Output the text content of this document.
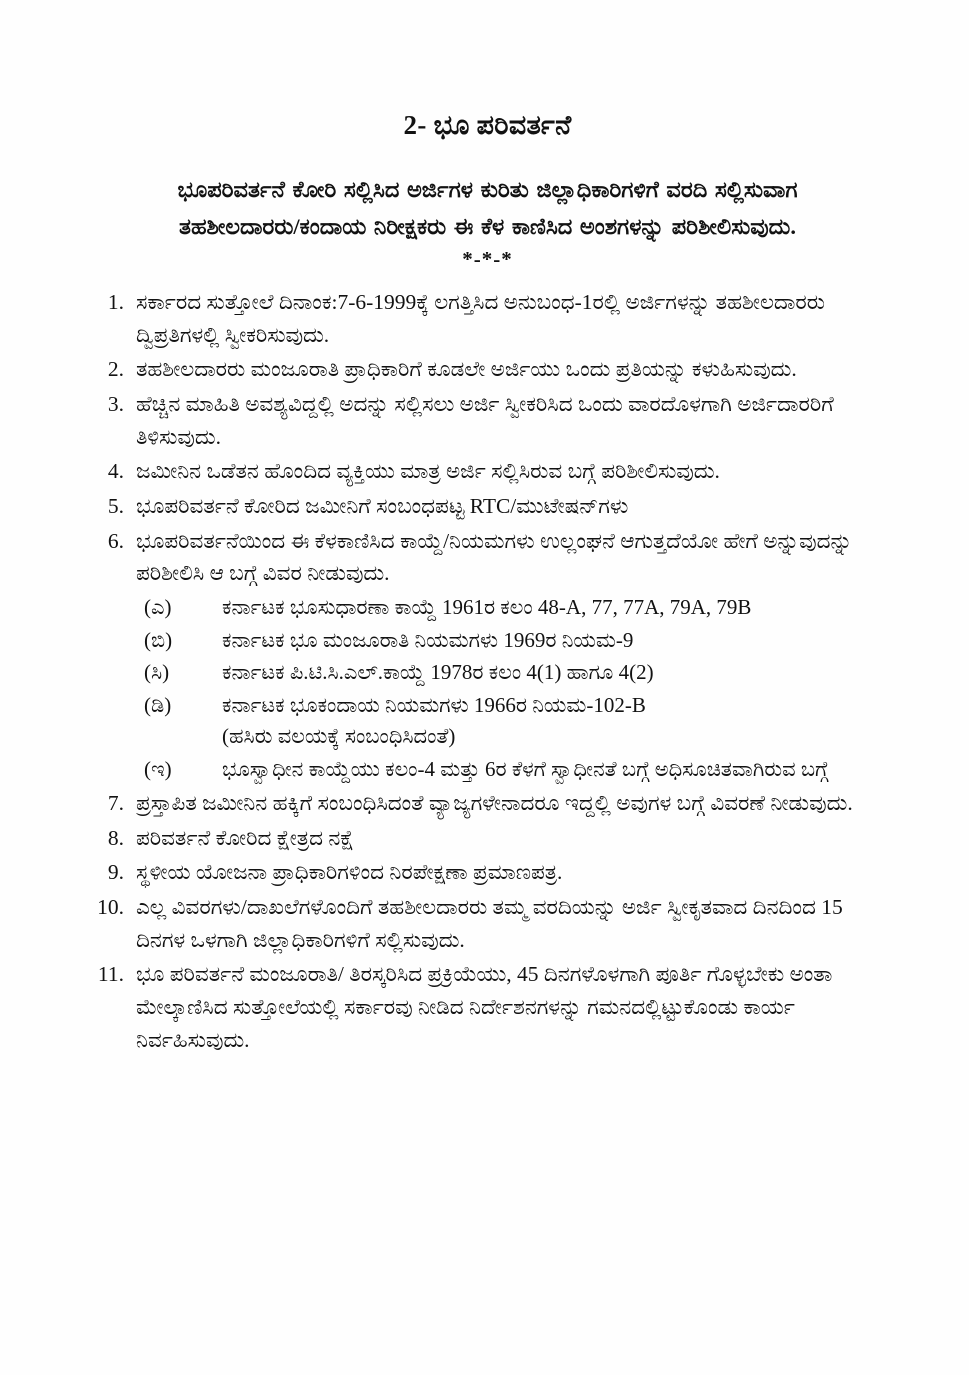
2- ಭೂ ಪರಿವರ್ತನೆ

ಭೂಪರಿವರ್ತನೆ ಕೋರಿ ಸಲ್ಲಿಸಿದ ಅರ್ಜಿಗಳ ಕುರಿತು ಜಿಲ್ಲಾಧಿಕಾರಿಗಳಿಗೆ ವರದಿ ಸಲ್ಲಿಸುವಾಗ

ತಹಶೀಲದಾರರು/ಕಂದಾಯ ನಿರೀಕ್ಷಕರು ಈ ಕೆಳ ಕಾಣಿಸಿದ ಅಂಶಗಳನ್ನು ಪರಿಶೀಲಿಸುವುದು.

*-*-*

1. ಸರ್ಕಾರದ ಸುತ್ತೋಲೆ ದಿನಾಂಕ:7-6-1999ಕ್ಕೆ ಲಗತ್ತಿಸಿದ ಅನುಬಂಧ-1ರಲ್ಲಿ ಅರ್ಜಿಗಳನ್ನು ತಹಶೀಲದಾರರು ದ್ವಿಪ್ರತಿಗಳಲ್ಲಿ ಸ್ವೀಕರಿಸುವುದು.
2. ತಹಶೀಲದಾರರು ಮಂಜೂರಾತಿ ಪ್ರಾಧಿಕಾರಿಗೆ ಕೂಡಲೇ ಅರ್ಜಿಯು ಒಂದು ಪ್ರತಿಯನ್ನು ಕಳುಹಿಸುವುದು.
3. ಹೆಚ್ಚಿನ ಮಾಹಿತಿ ಅವಶ್ಯವಿದ್ದಲ್ಲಿ ಅದನ್ನು ಸಲ್ಲಿಸಲು ಅರ್ಜಿ ಸ್ವೀಕರಿಸಿದ ಒಂದು ವಾರದೊಳಗಾಗಿ ಅರ್ಜಿದಾರರಿಗೆ ತಿಳಿಸುವುದು.
4. ಜಮೀನಿನ ಒಡೆತನ ಹೊಂದಿದ ವ್ಯಕ್ತಿಯು ಮಾತ್ರ ಅರ್ಜಿ ಸಲ್ಲಿಸಿರುವ ಬಗ್ಗೆ ಪರಿಶೀಲಿಸುವುದು.
5. ಭೂಪರಿವರ್ತನೆ ಕೋರಿದ ಜಮೀನಿಗೆ ಸಂಬಂಧಪಟ್ಟ RTC/ಮುಟೇಷನ್‌ಗಳು
6. ಭೂಪರಿವರ್ತನೆಯಿಂದ ಈ ಕೆಳಕಾಣಿಸಿದ ಕಾಯ್ದೆ/ನಿಯಮಗಳು ಉಲ್ಲಂಘನೆ ಆಗುತ್ತದೆಯೋ ಹೇಗೆ ಅನ್ನುವುದನ್ನು ಪರಿಶೀಲಿಸಿ ಆ ಬಗ್ಗೆ ವಿವರ ನೀಡುವುದು.
(ಎ)	ಕರ್ನಾಟಕ ಭೂಸುಧಾರಣಾ ಕಾಯ್ದೆ 1961ರ ಕಲಂ 48-A, 77, 77A, 79A, 79B
(ಬಿ)	ಕರ್ನಾಟಕ ಭೂ ಮಂಜೂರಾತಿ ನಿಯಮಗಳು 1969ರ ನಿಯಮ-9
(ಸಿ)	ಕರ್ನಾಟಕ ಪಿ.ಟಿ.ಸಿ.ಎಲ್.ಕಾಯ್ದೆ 1978ರ ಕಲಂ 4(1) ಹಾಗೂ 4(2)
(ಡಿ)	ಕರ್ನಾಟಕ ಭೂಕಂದಾಯ ನಿಯಮಗಳು 1966ರ ನಿಯಮ-102-B
(ಹಸಿರು ವಲಯಕ್ಕೆ ಸಂಬಂಧಿಸಿದಂತೆ)
(ಇ)	ಭೂಸ್ವಾಧೀನ ಕಾಯ್ದೆಯು ಕಲಂ-4 ಮತ್ತು 6ರ ಕೆಳಗೆ ಸ್ವಾಧೀನತೆ ಬಗ್ಗೆ ಅಧಿಸೂಚಿತವಾಗಿರುವ ಬಗ್ಗೆ
7. ಪ್ರಸ್ತಾಪಿತ ಜಮೀನಿನ ಹಕ್ಕಿಗೆ ಸಂಬಂಧಿಸಿದಂತೆ ವ್ಯಾಜ್ಯಗಳೇನಾದರೂ ಇದ್ದಲ್ಲಿ ಅವುಗಳ ಬಗ್ಗೆ ವಿವರಣೆ ನೀಡುವುದು.
8. ಪರಿವರ್ತನೆ ಕೋರಿದ ಕ್ಷೇತ್ರದ ನಕ್ಷೆ
9. ಸ್ಥಳೀಯ ಯೋಜನಾ ಪ್ರಾಧಿಕಾರಿಗಳಿಂದ ನಿರಪೇಕ್ಷಣಾ ಪ್ರಮಾಣಪತ್ರ.
10. ಎಲ್ಲ ವಿವರಗಳು/ದಾಖಲೆಗಳೊಂದಿಗೆ ತಹಶೀಲದಾರರು ತಮ್ಮ ವರದಿಯನ್ನು ಅರ್ಜಿ ಸ್ವೀಕೃತವಾದ ದಿನದಿಂದ 15 ದಿನಗಳ ಒಳಗಾಗಿ ಜಿಲ್ಲಾಧಿಕಾರಿಗಳಿಗೆ ಸಲ್ಲಿಸುವುದು.
11. ಭೂ ಪರಿವರ್ತನೆ ಮಂಜೂರಾತಿ/ ತಿರಸ್ಕರಿಸಿದ ಪ್ರಕ್ರಿಯೆಯು, 45 ದಿನಗಳೊಳಗಾಗಿ ಪೂರ್ತಿ ಗೊಳ್ಳಬೇಕು ಅಂತಾ ಮೇಲ್ಕಾಣಿಸಿದ ಸುತ್ತೋಲೆಯಲ್ಲಿ ಸರ್ಕಾರವು ನೀಡಿದ ನಿರ್ದೇಶನಗಳನ್ನು ಗಮನದಲ್ಲಿಟ್ಟುಕೊಂಡು ಕಾರ್ಯ ನಿರ್ವಹಿಸುವುದು.
